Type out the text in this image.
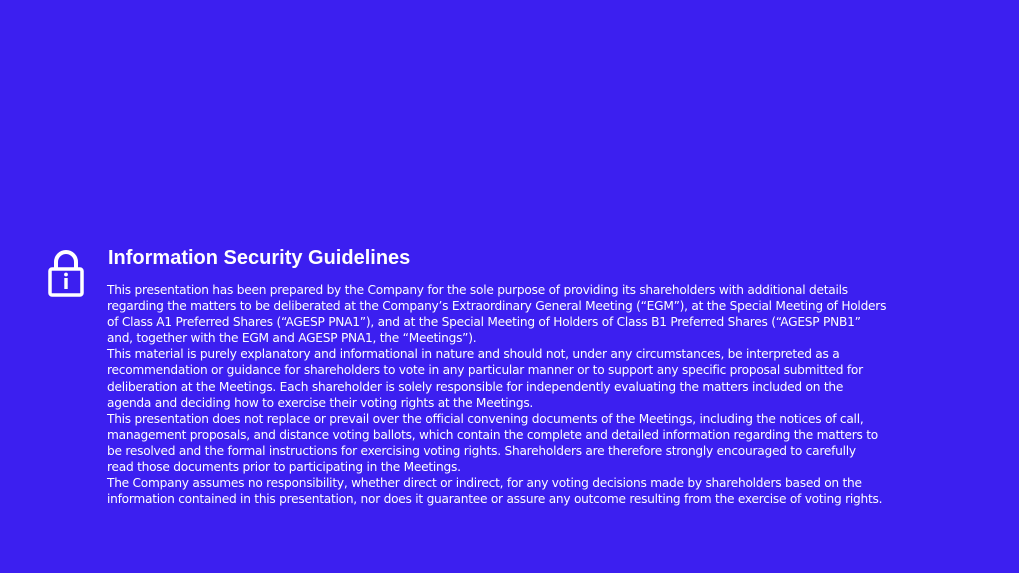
Information Security Guidelines
This presentation has been prepared by the Company for the sole purpose of providing its shareholders with additional details
regarding the matters to be deliberated at the Company’s Extraordinary General Meeting (“EGM”), at the Special Meeting of Holders
of Class A1 Preferred Shares (“AGESP PNA1”), and at the Special Meeting of Holders of Class B1 Preferred Shares (“AGESP PNB1”
and, together with the EGM and AGESP PNA1, the “Meetings”).
This material is purely explanatory and informational in nature and should not, under any circumstances, be interpreted as a
recommendation or guidance for shareholders to vote in any particular manner or to support any specific proposal submitted for
deliberation at the Meetings. Each shareholder is solely responsible for independently evaluating the matters included on the
agenda and deciding how to exercise their voting rights at the Meetings.
This presentation does not replace or prevail over the official convening documents of the Meetings, including the notices of call,
management proposals, and distance voting ballots, which contain the complete and detailed information regarding the matters to
be resolved and the formal instructions for exercising voting rights. Shareholders are therefore strongly encouraged to carefully
read those documents prior to participating in the Meetings.
The Company assumes no responsibility, whether direct or indirect, for any voting decisions made by shareholders based on the
information contained in this presentation, nor does it guarantee or assure any outcome resulting from the exercise of voting rights.
